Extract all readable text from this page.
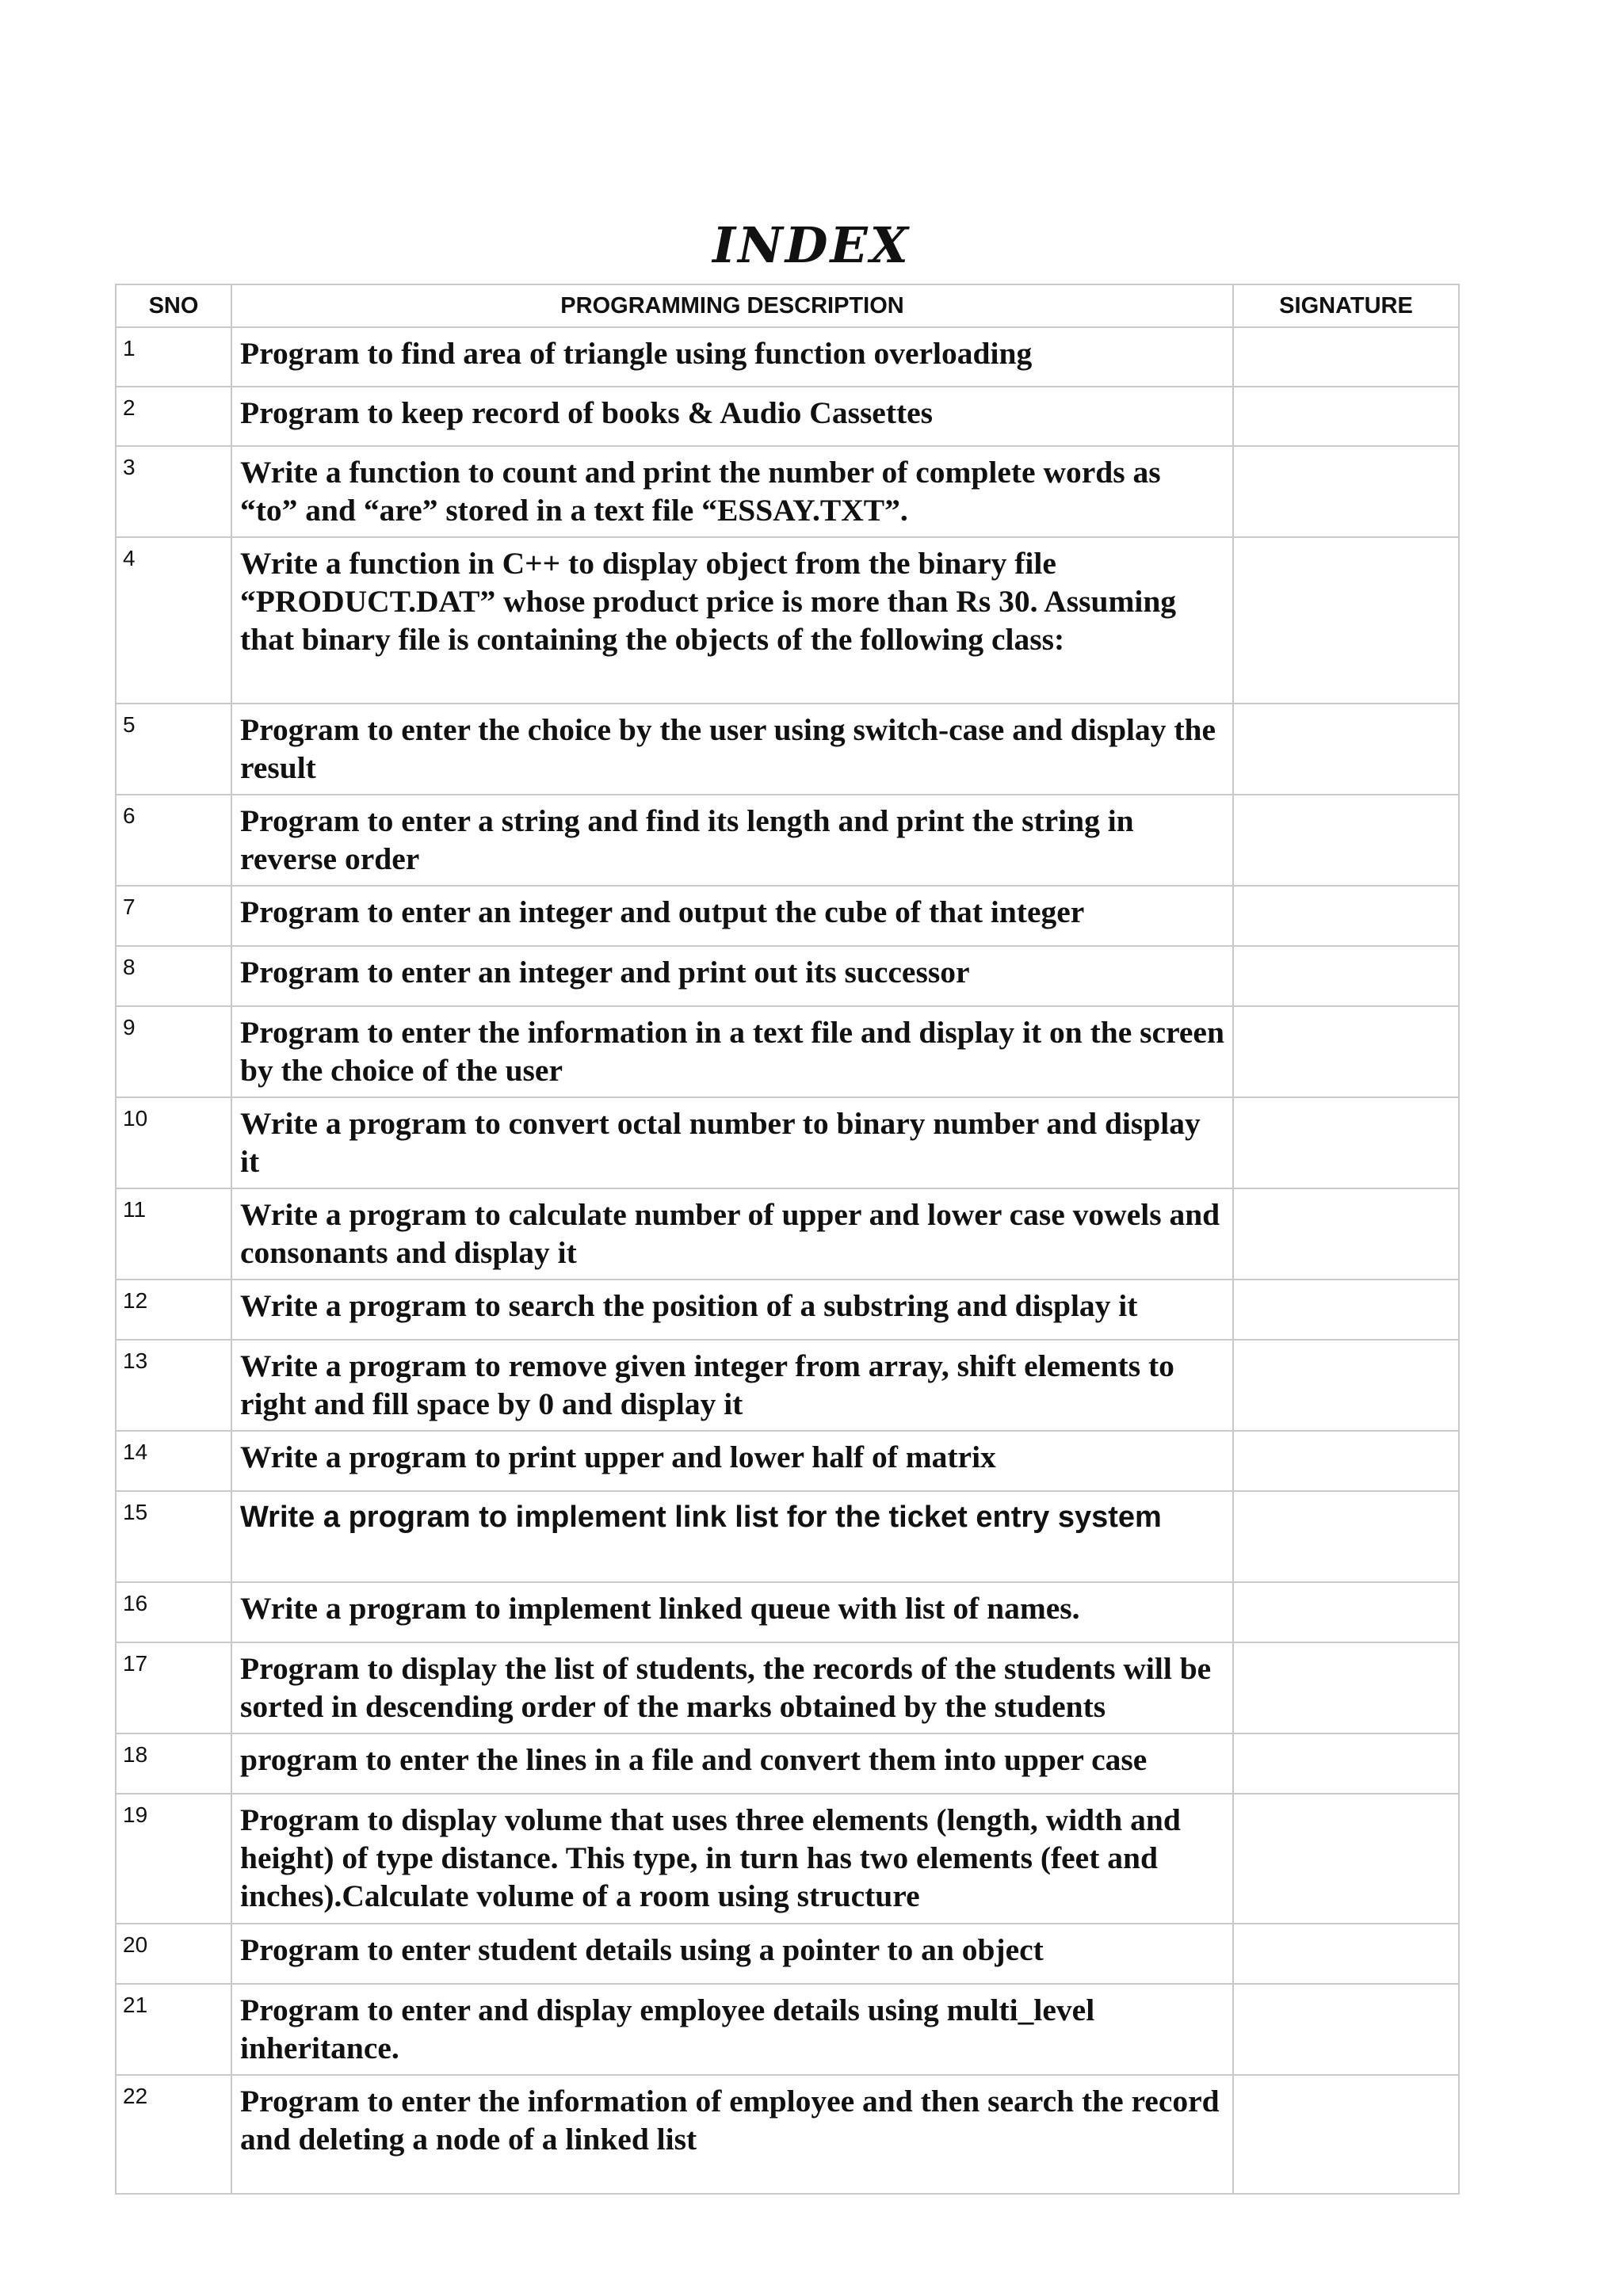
INDEX
SNO	PROGRAMMING DESCRIPTION	SIGNATURE
1	Program to find area of triangle using function overloading	
2	Program to keep record of books & Audio Cassettes	
3	Write a function to count and print the number of complete words as “to” and “are” stored in a text file “ESSAY.TXT”.	
4	Write a function in C++ to display object from the binary file “PRODUCT.DAT” whose product price is more than Rs 30. Assuming that binary file is containing the objects of the following class:	
5	Program to enter the choice by the user using switch-case and display the result	
6	Program to enter a string and find its length and print the string in reverse order	
7	Program to enter an integer and output the cube of that integer	
8	Program to enter an integer and print out its successor	
9	Program to enter the information in a text file and display it on the screen by the choice of the user	
10	Write a program to convert octal number to binary number and display it	
11	Write a program to calculate number of upper and lower case vowels and consonants and display it	
12	Write a program to search the position of a substring and display it	
13	Write a program to remove given integer from array, shift elements to right and fill space by 0 and display it	
14	Write a program to print upper and lower half of matrix	
15	Write a program to implement link list for the ticket entry system	
16	Write a program to implement linked queue with list of names.	
17	Program to display the list of students, the records of the students will be sorted in descending order of the marks obtained by the students	
18	program to enter the lines in a file and convert them into upper case	
19	Program to display volume that uses three elements (length, width and height) of type distance. This type, in turn has two elements (feet and inches).Calculate volume of a room using structure	
20	Program to enter student details using a pointer to an object	
21	Program to enter and display employee details using multi_level inheritance.	
22	Program to enter the information of employee and then search the record and deleting a node of a linked list	
